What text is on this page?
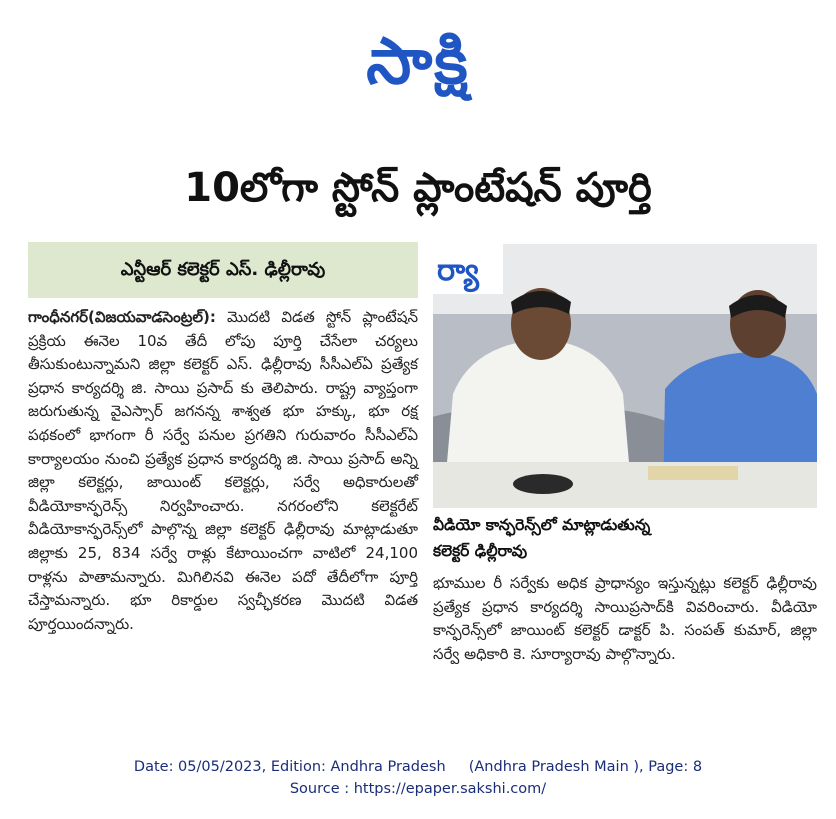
సాక్షి
10లోగా స్టోన్ ప్లాంటేషన్ పూర్తి
ఎన్టీఆర్ కలెక్టర్ ఎస్. ఢిల్లీరావు

గాంధీనగర్(విజయవాడసెంట్రల్): మొదటి విడత స్టోన్ ప్లాంటేషన్ ప్రక్రియ ఈనెల 10వ తేదీ లోపు పూర్తి చేసేలా చర్యలు తీసుకుంటున్నామని జిల్లా కలెక్టర్ ఎస్. ఢిల్లీరావు సీసీఎల్ఏ ప్రత్యేక ప్రధాన కార్యదర్శి జి. సాయి ప్రసాద్ కు తెలిపారు. రాష్ట్ర వ్యాప్తంగా జరుగుతున్న వైఎస్సార్ జగనన్న శాశ్వత భూ హక్కు, భూ రక్ష పథకంలో భాగంగా రీ సర్వే పనుల ప్రగతిని గురువారం సీసీఎల్ఏ కార్యాలయం నుంచి ప్రత్యేక ప్రధాన కార్యదర్శి జి. సాయి ప్రసాద్ అన్ని జిల్లా కలెక్టర్లు, జాయింట్ కలెక్టర్లు, సర్వే అధికారులతో వీడియోకాన్ఫరెన్స్ నిర్వహించారు. నగరంలోని కలెక్టరేట్ వీడియోకాన్ఫరెన్స్‌లో పాల్గొన్న జిల్లా కలెక్టర్ ఢిల్లీరావు మాట్లాడుతూ జిల్లాకు 25, 834 సర్వే రాళ్లు కేటాయించగా వాటిలో 24,100 రాళ్లను పాతామన్నారు. మిగిలినవి ఈనెల పదో తేదీలోగా పూర్తి చేస్తామన్నారు. భూ రికార్డుల స్వచ్ఛీకరణ మొదటి విడత పూర్తయిందన్నారు.

ర్యా

వీడియో కాన్ఫరెన్స్‌లో మాట్లాడుతున్న

కలెక్టర్ ఢిల్లీరావు

భూముల రీ సర్వేకు అధిక ప్రాధాన్యం ఇస్తున్నట్లు కలెక్టర్ ఢిల్లీరావు ప్రత్యేక ప్రధాన కార్యదర్శి సాయిప్రసాద్‌కి వివరించారు. వీడియో కాన్ఫరెన్స్‌లో జాయింట్ కలెక్టర్ డాక్టర్ పి. సంపత్ కుమార్, జిల్లా సర్వే అధికారి కె. సూర్యారావు పాల్గొన్నారు.

Date: 05/05/2023, Edition: Andhra Pradesh     (Andhra Pradesh Main ), Page: 8
Source : https://epaper.sakshi.com/
